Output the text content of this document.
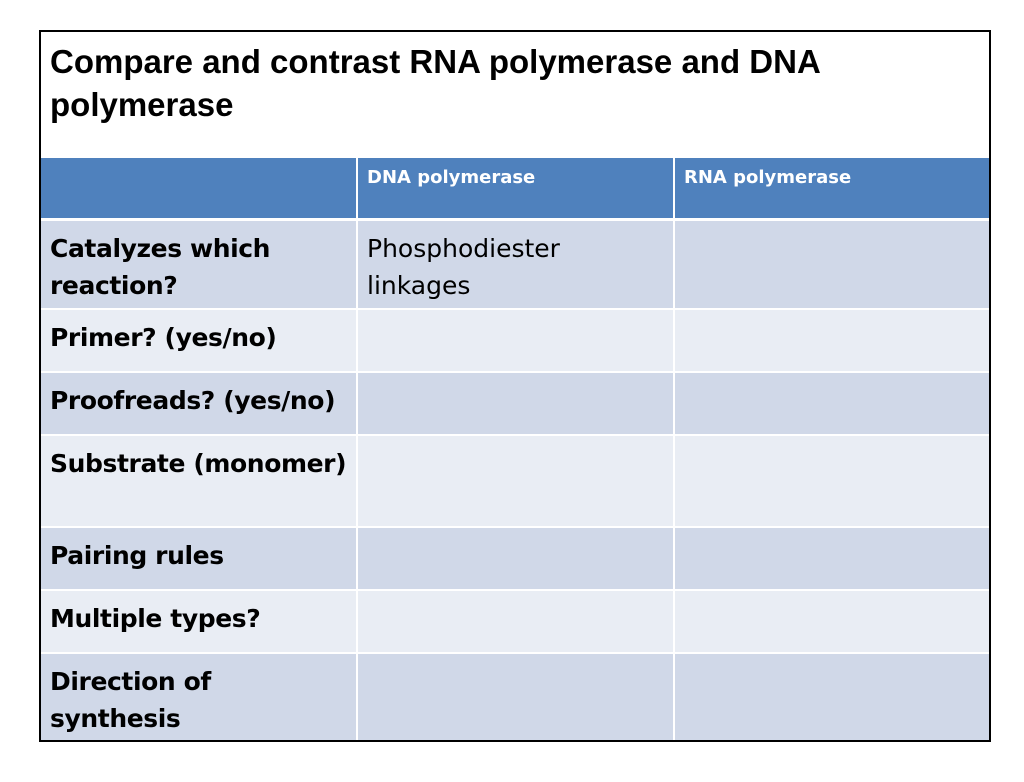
Compare and contrast RNA polymerase and DNA polymerase
	DNA polymerase	RNA polymerase
Catalyzes which reaction?	Phosphodiester linkages	
Primer? (yes/no)		
Proofreads? (yes/no)		
Substrate (monomer)		
Pairing rules		
Multiple types?		
Direction of synthesis		
